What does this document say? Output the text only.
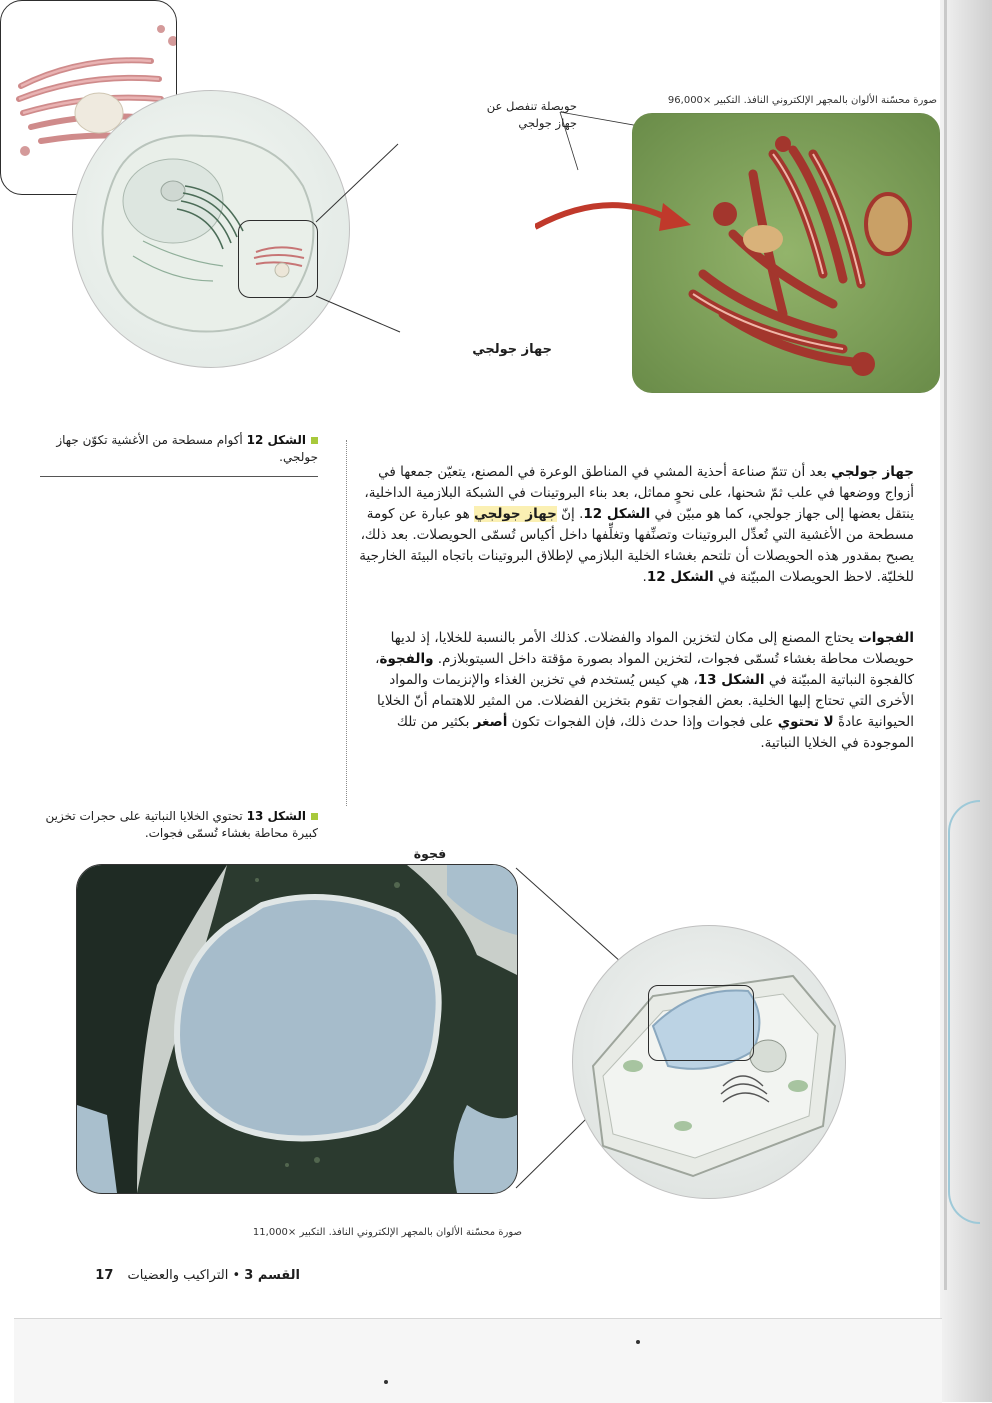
صورة محسّنة الألوان بالمجهر الإلكتروني النافذ. التكبير ×96,000
حويصلة تنفصل عن جهاز جولجي
جهاز جولجي
الشكل 12 أكوام مسطحة من الأغشية تكوّن جهاز جولجي.
جهاز جولجي بعد أن تتمّ صناعة أحذية المشي في المناطق الوعرة في المصنع، يتعيّن جمعها في أزواج ووضعها في علب ثمّ شحنها، على نحوٍ مماثل، بعد بناء البروتينات في الشبكة البلازمية الداخلية، ينتقل بعضها إلى جهاز جولجي، كما هو مبيّن في الشكل 12. إنّ جهاز جولجي هو عبارة عن كومة مسطحة من الأغشية التي تُعدِّل البروتينات وتصنِّفها وتغلِّفها داخل أكياس تُسمّى الحويصلات. بعد ذلك، يصبح بمقدور هذه الحويصلات أن تلتحم بغشاء الخلية البلازمي لإطلاق البروتينات باتجاه البيئة الخارجية للخليّة. لاحظ الحويصلات المبيّنة في الشكل 12.
الفجوات يحتاج المصنع إلى مكان لتخزين المواد والفضلات. كذلك الأمر بالنسبة للخلايا، إذ لديها حويصلات محاطة بغشاء تُسمّى فجوات، لتخزين المواد بصورة مؤقتة داخل السيتوبلازم. والفجوة، كالفجوة النباتية المبيّنة في الشكل 13، هي كيس يُستخدم في تخزين الغذاء والإنزيمات والمواد الأخرى التي تحتاج إليها الخلية. بعض الفجوات تقوم بتخزين الفضلات. من المثير للاهتمام أنّ الخلايا الحيوانية عادةً لا تحتوي على فجوات وإذا حدث ذلك، فإن الفجوات تكون أصغر بكثير من تلك الموجودة في الخلايا النباتية.
الشكل 13 تحتوي الخلايا النباتية على حجرات تخزين كبيرة محاطة بغشاء تُسمّى فجوات.
فجوة
صورة محسّنة الألوان بالمجهر الإلكتروني النافذ. التكبير ×11,000
القسم 3 • التراكيب والعضيات 17
